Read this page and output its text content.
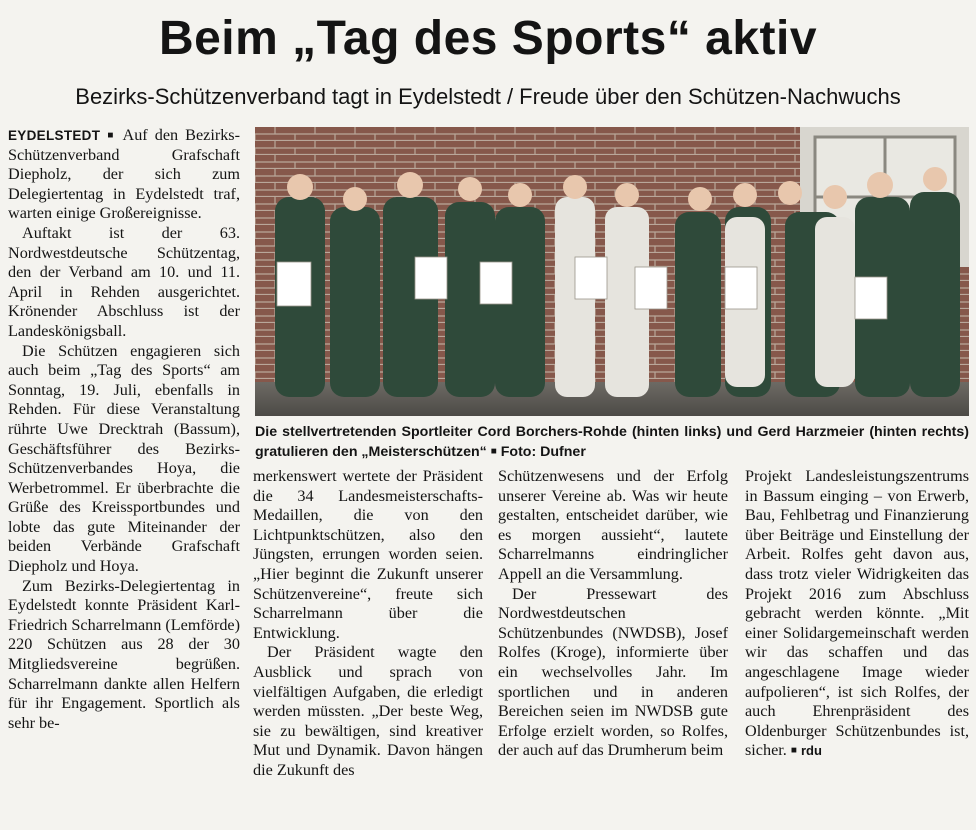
Beim „Tag des Sports“ aktiv
Bezirks-Schützenverband tagt in Eydelstedt / Freude über den Schützen-Nachwuchs

EYDELSTEDT ■ Auf den Bezirks-Schützenverband Grafschaft Diepholz, der sich zum Delegiertentag in Eydelstedt traf, warten einige Großereignisse.

Auftakt ist der 63. Nordwestdeutsche Schützentag, den der Verband am 10. und 11. April in Rehden ausgerichtet. Krönender Abschluss ist der Landeskönigsball.

Die Schützen engagieren sich auch beim „Tag des Sports“ am Sonntag, 19. Juli, ebenfalls in Rehden. Für diese Veranstaltung rührte Uwe Drecktrah (Bassum), Geschäftsführer des Bezirks-Schützenverbandes Hoya, die Werbetrommel. Er überbrachte die Grüße des Kreissportbundes und lobte das gute Miteinander der beiden Verbände Grafschaft Diepholz und Hoya.

Zum Bezirks-Delegiertentag in Eydelstedt konnte Präsident Karl-Friedrich Scharrelmann (Lemförde) 220 Schützen aus 28 der 30 Mitgliedsvereine begrüßen. Scharrelmann dankte allen Helfern für ihr Engagement. Sportlich als sehr be-

Die stellvertretenden Sportleiter Cord Borchers-Rohde (hinten links) und Gerd Harzmeier (hinten rechts) gratulieren den „Meisterschützen“ ■ Foto: Dufner

merkenswert wertete der Präsident die 34 Landesmeisterschafts-Medaillen, die von den Lichtpunktschützen, also den Jüngsten, errungen worden seien. „Hier beginnt die Zukunft unserer Schützenvereine“, freute sich Scharrelmann über die Entwicklung.

Der Präsident wagte den Ausblick und sprach von vielfältigen Aufgaben, die erledigt werden müssten. „Der beste Weg, sie zu bewältigen, sind kreativer Mut und Dynamik. Davon hängen die Zukunft des

Schützenwesens und der Erfolg unserer Vereine ab. Was wir heute gestalten, entscheidet darüber, wie es morgen aussieht“, lautete Scharrelmanns eindringlicher Appell an die Versammlung.

Der Pressewart des Nordwestdeutschen Schützenbundes (NWDSB), Josef Rolfes (Kroge), informierte über ein wechselvolles Jahr. Im sportlichen und in anderen Bereichen seien im NWDSB gute Erfolge erzielt worden, so Rolfes, der auch auf das Drumherum beim

Projekt Landesleistungszentrums in Bassum einging – von Erwerb, Bau, Fehlbetrag und Finanzierung über Beiträge und Einstellung der Arbeit. Rolfes geht davon aus, dass trotz vieler Widrigkeiten das Projekt 2016 zum Abschluss gebracht werden könnte. „Mit einer Solidargemeinschaft werden wir das schaffen und das angeschlagene Image wieder aufpolieren“, ist sich Rolfes, der auch Ehrenpräsident des Oldenburger Schützenbundes ist, sicher. ■ rdu
